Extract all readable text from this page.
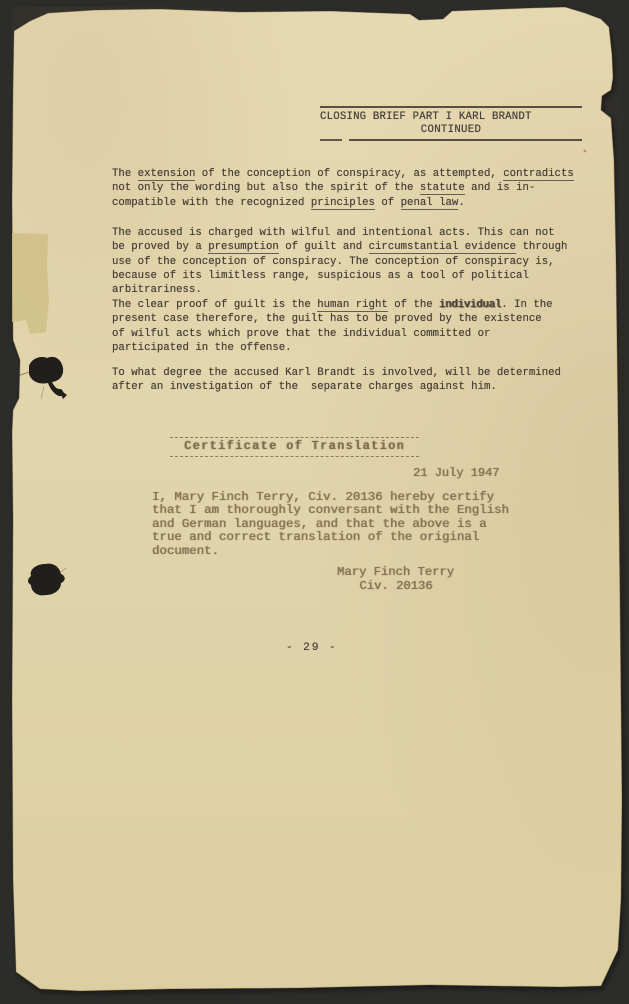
CLOSING BRIEF PART I KARL BRANDT
CONTINUED
The extension of the conception of conspiracy, as attempted, contradicts
not only the wording but also the spirit of the statute and is in-
compatible with the recognized principles of penal law.
The accused is charged with wilful and intentional acts. This can not
be proved by a presumption of guilt and circumstantial evidence through
use of the conception of conspiracy. The conception of conspiracy is,
because of its limitless range, suspicious as a tool of political
arbitrariness.
The clear proof of guilt is the human right of the individual. In the
present case therefore, the guilt has to be proved by the existence
of wilful acts which prove that the individual committed or
participated in the offense.
To what degree the accused Karl Brandt is involved, will be determined
after an investigation of the  separate charges against him.
Certificate of Translation
21 July 1947
I, Mary Finch Terry, Civ. 20136 hereby certify
that I am thoroughly conversant with the English
and German languages, and that the above is a
true and correct translation of the original
document.
Mary Finch Terry
Civ. 20136
- 29 -
